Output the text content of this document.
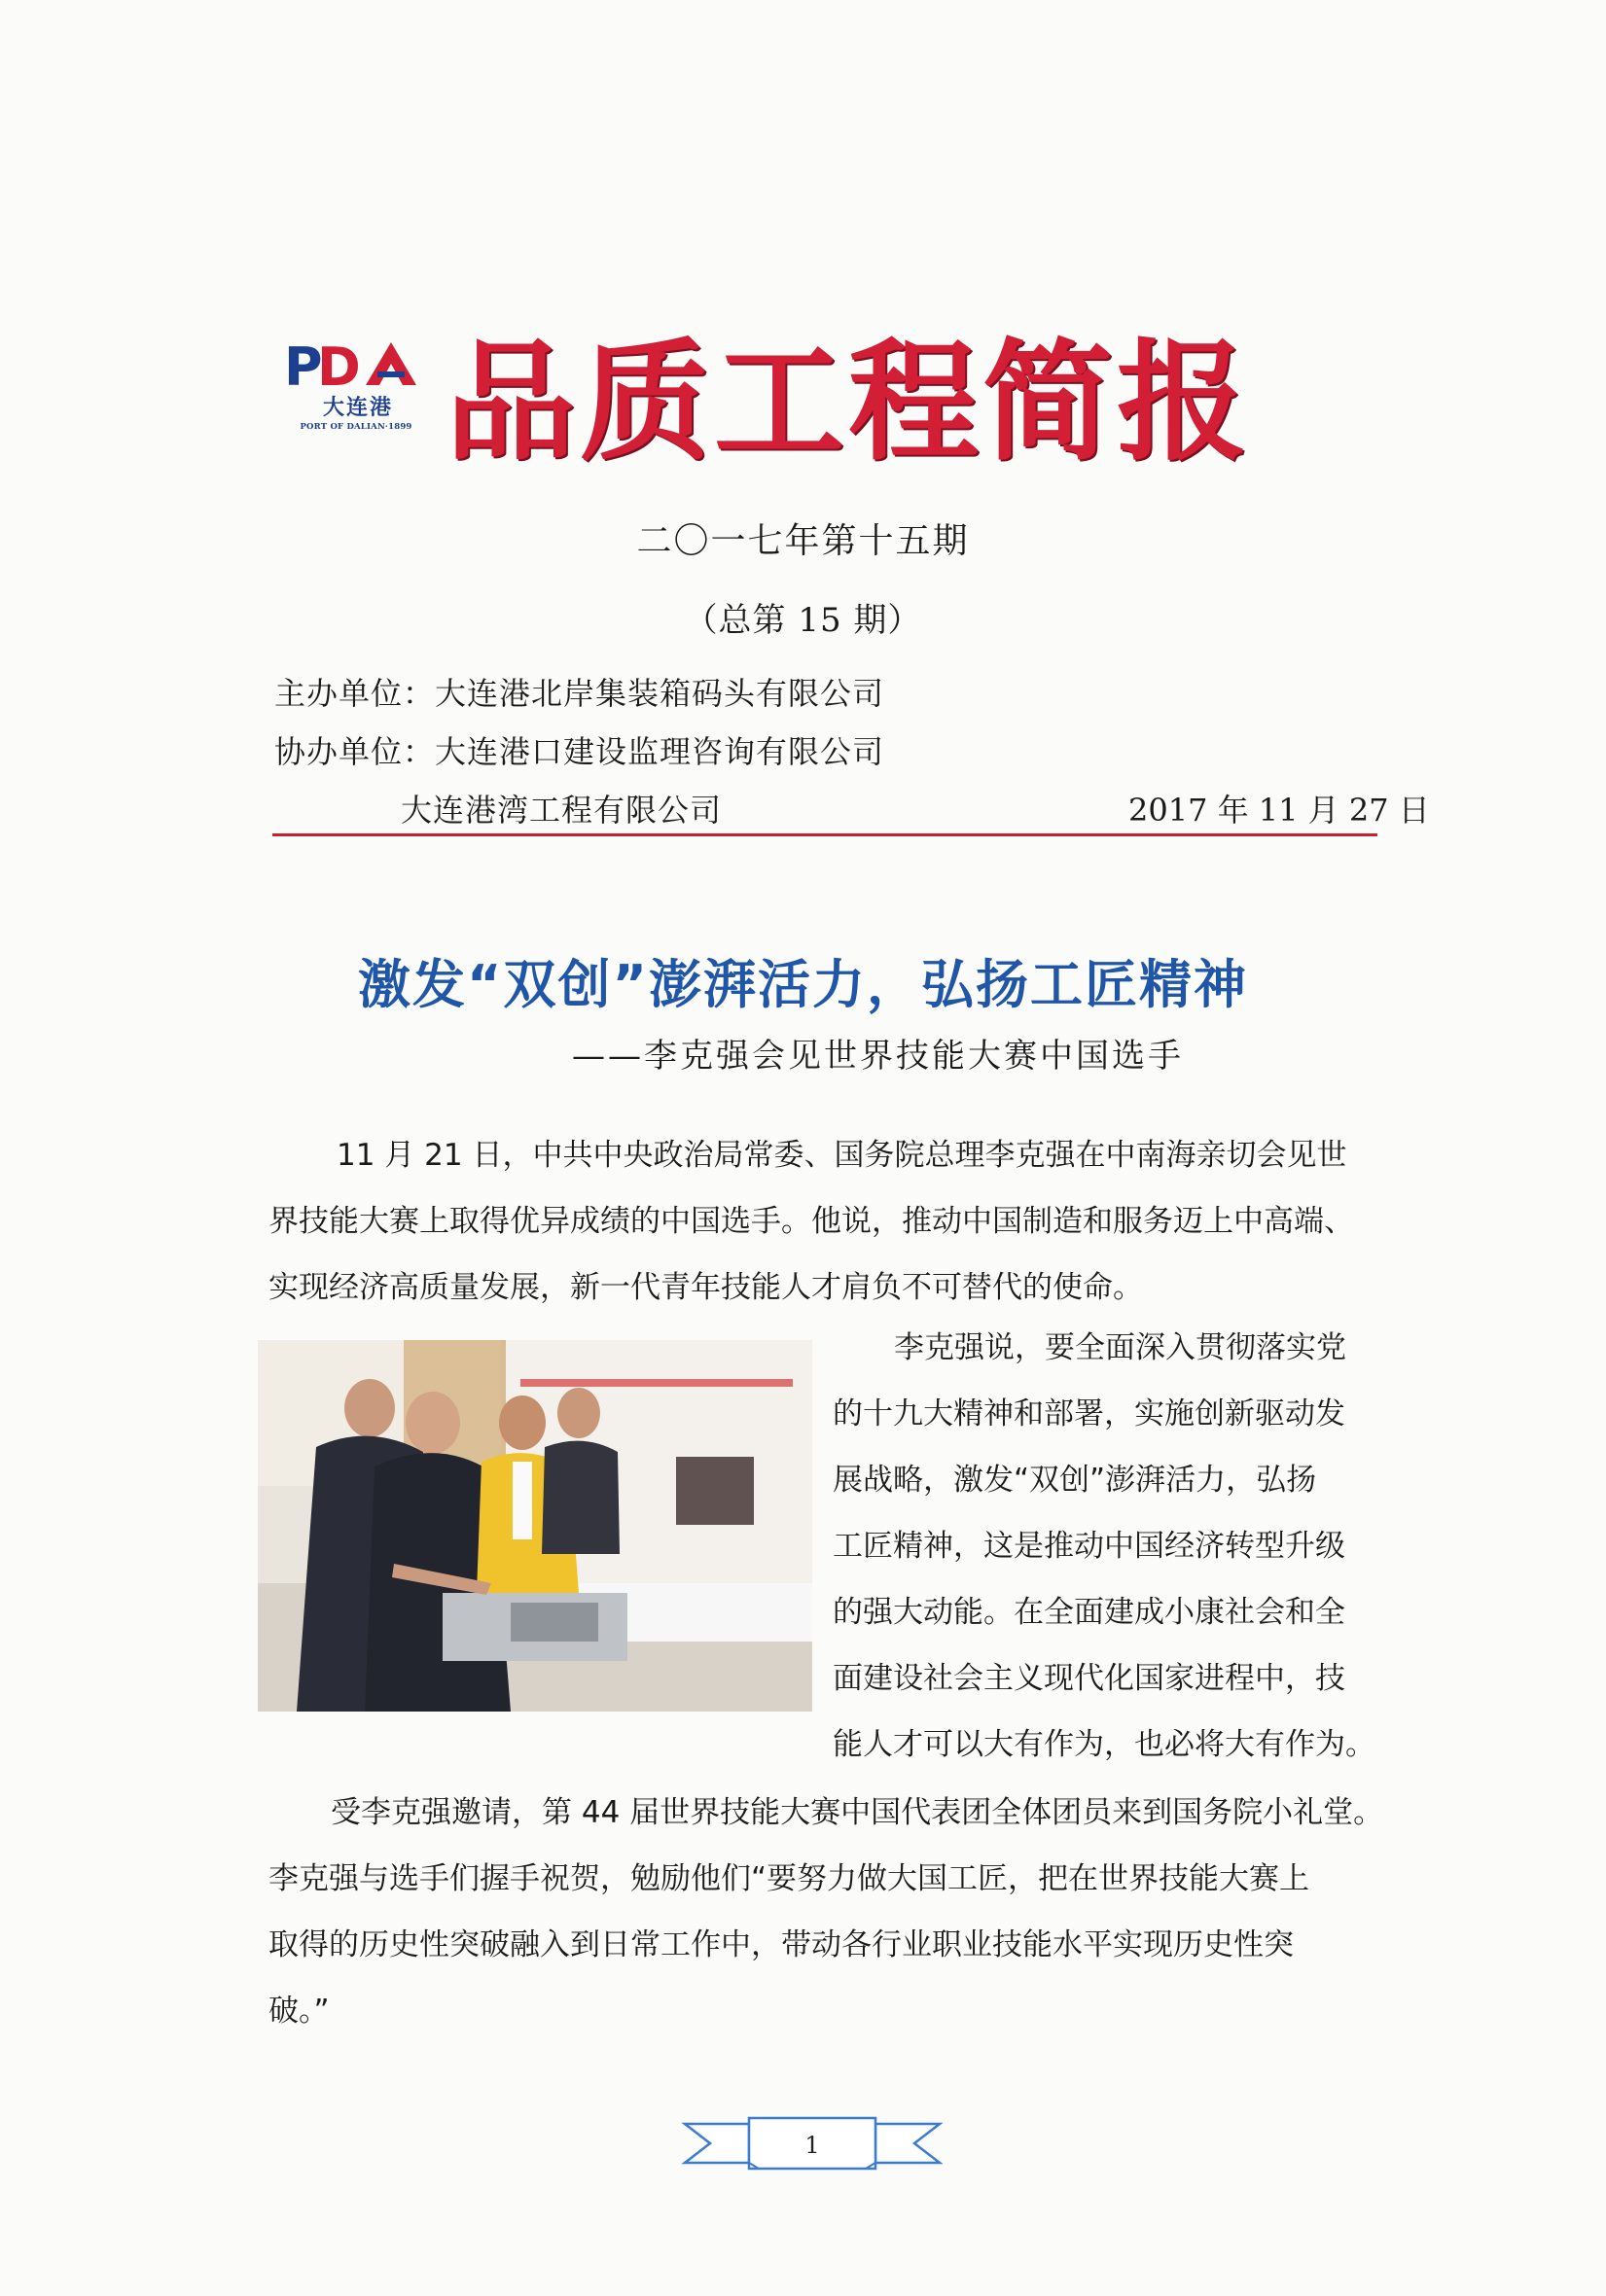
P
D
大连港
PORT OF DALIAN·1899 品质工程简报
二〇一七年第十五期
（总第 15 期）
主办单位：大连港北岸集装箱码头有限公司
协办单位：大连港口建设监理咨询有限公司
大连港湾工程有限公司	2017 年 11 月 27 日
激发“双创”澎湃活力，弘扬工匠精神
——李克强会见世界技能大赛中国选手
11 月 21 日，中共中央政治局常委、国务院总理李克强在中南海亲切会见世
界技能大赛上取得优异成绩的中国选手。他说，推动中国制造和服务迈上中高端、
实现经济高质量发展，新一代青年技能人才肩负不可替代的使命。
李克强说，要全面深入贯彻落实党
的十九大精神和部署，实施创新驱动发
展战略，激发“双创”澎湃活力，弘扬
工匠精神，这是推动中国经济转型升级
的强大动能。在全面建成小康社会和全
面建设社会主义现代化国家进程中，技
能人才可以大有作为，也必将大有作为。
受李克强邀请，第 44 届世界技能大赛中国代表团全体团员来到国务院小礼堂。
李克强与选手们握手祝贺，勉励他们“要努力做大国工匠，把在世界技能大赛上
取得的历史性突破融入到日常工作中，带动各行业职业技能水平实现历史性突
破。”
1
